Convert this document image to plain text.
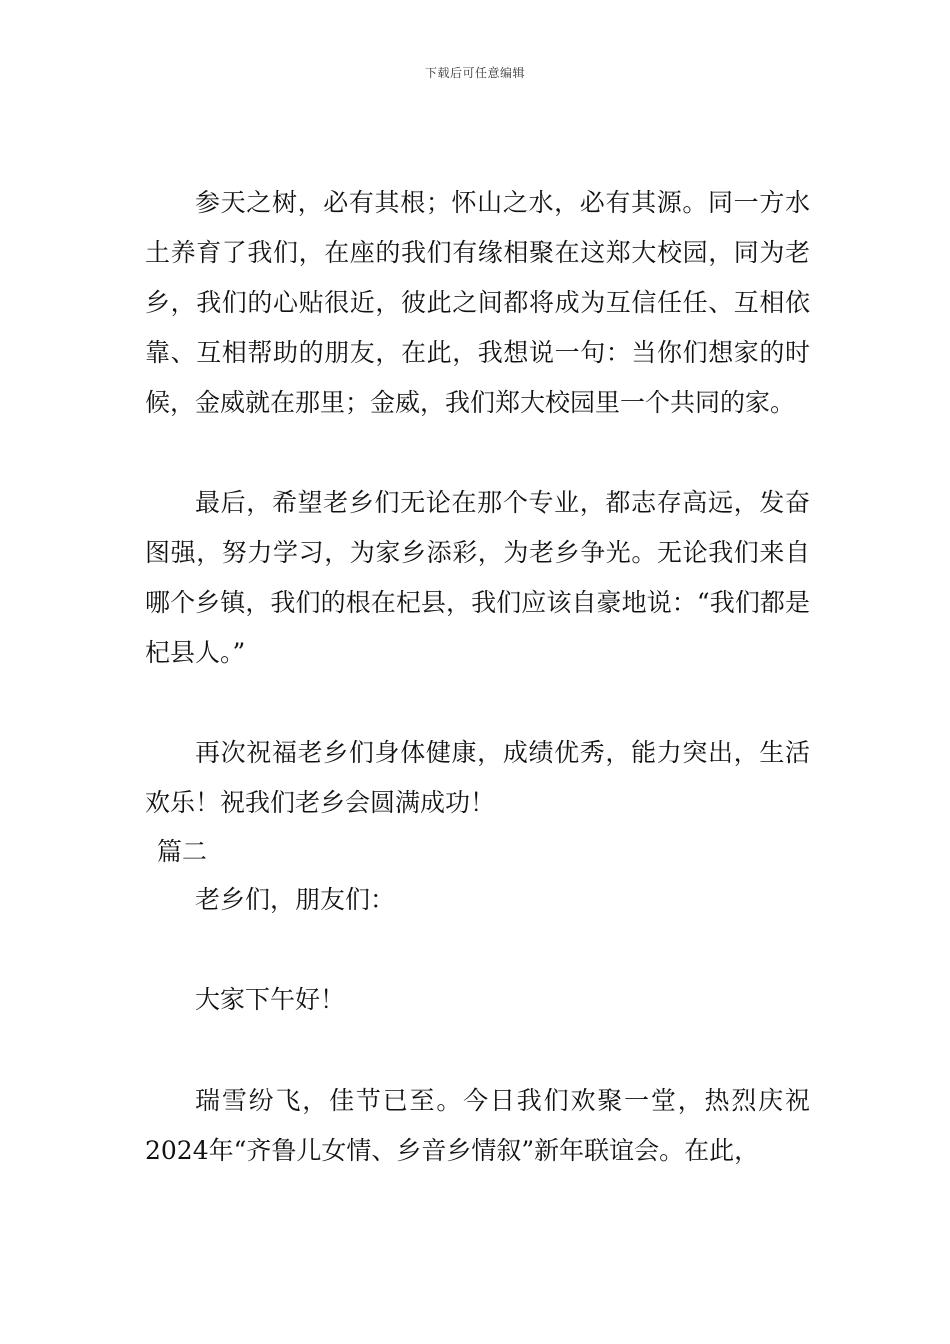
下载后可任意编辑

参天之树，必有其根；怀山之水，必有其源。同一方水土养育了我们，在座的我们有缘相聚在这郑大校园，同为老乡，我们的心贴很近，彼此之间都将成为互信任任、互相依靠、互相帮助的朋友，在此，我想说一句：当你们想家的时候，金威就在那里；金威，我们郑大校园里一个共同的家。

最后，希望老乡们无论在那个专业，都志存高远，发奋图强，努力学习，为家乡添彩，为老乡争光。无论我们来自哪个乡镇，我们的根在杞县，我们应该自豪地说：“我们都是杞县人。”

再次祝福老乡们身体健康，成绩优秀，能力突出，生活欢乐！祝我们老乡会圆满成功！

篇二

老乡们，朋友们：

大家下午好！

瑞雪纷飞，佳节已至。今日我们欢聚一堂，热烈庆祝2024年“齐鲁儿女情、乡音乡情叙”新年联谊会。在此，
